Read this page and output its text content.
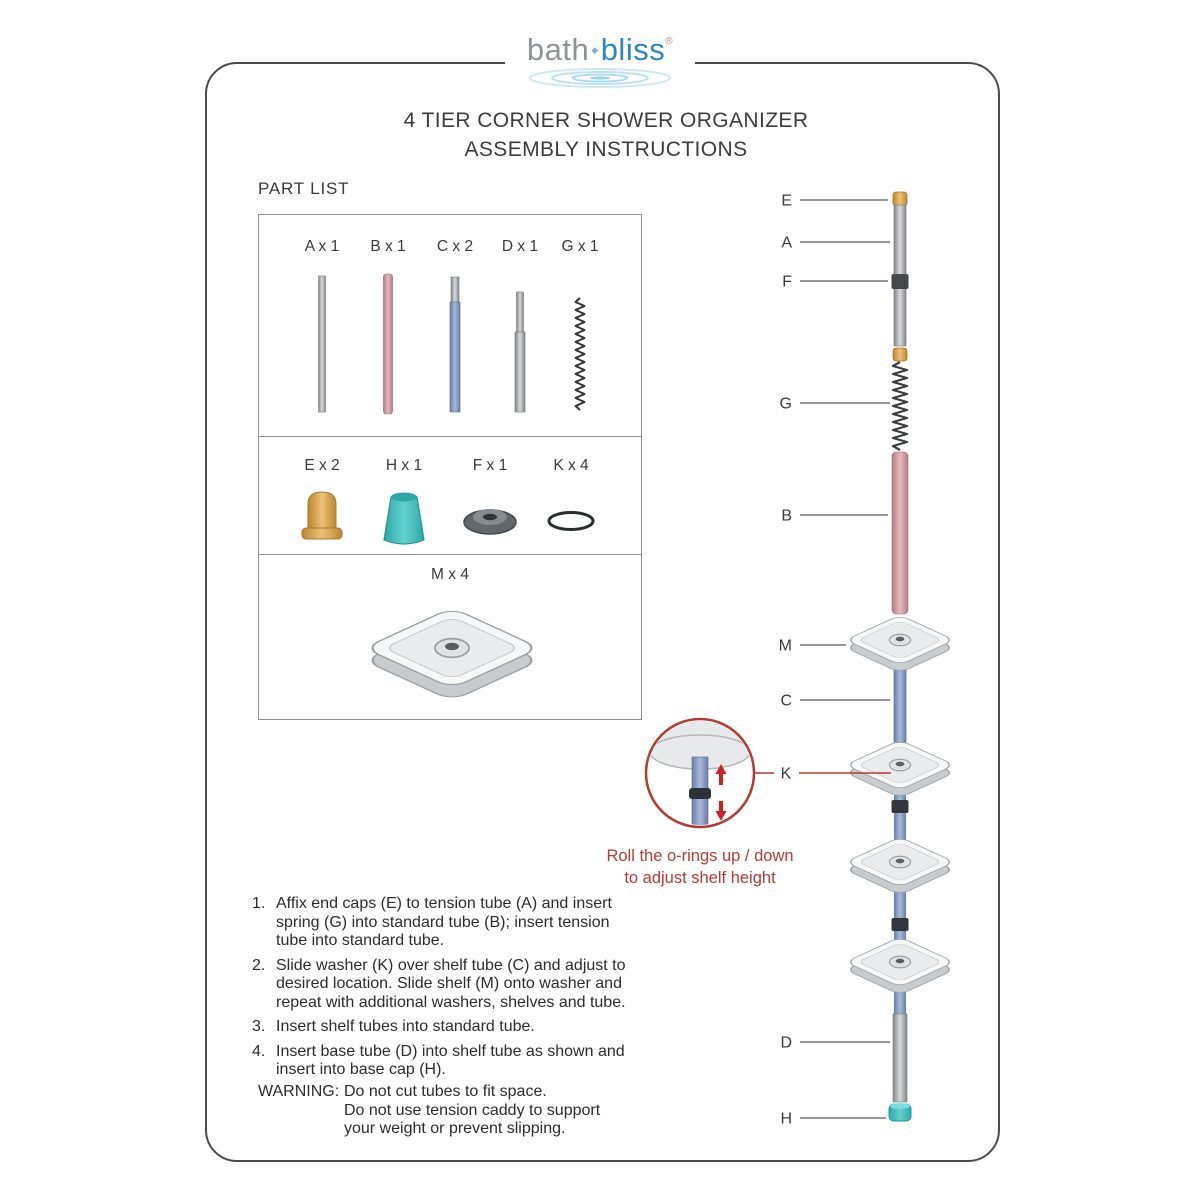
bath ◆bliss®
4 TIER CORNER SHOWER ORGANIZER
ASSEMBLY INSTRUCTIONS
PART LIST
A x 1 B x 1 C x 2 D x 1 G x 1
E x 2	H x 1	F x 1	K x 4
M x 4
E
A
F
G
B
M
C
D
H
K
Roll the o-rings up / down
to adjust shelf height
1. Affix end caps (E) to tension tube (A) and insert spring (G) into standard tube (B); insert tension tube into standard tube.
2. Slide washer (K) over shelf tube (C) and adjust to desired location. Slide shelf (M) onto washer and repeat with additional washers, shelves and tube.
3. Insert shelf tubes into standard tube.
4. Insert base tube (D) into shelf tube as shown and insert into base cap (H).
WARNING: Do not cut tubes to fit space.
Do not use tension caddy to support
your weight or prevent slipping.
